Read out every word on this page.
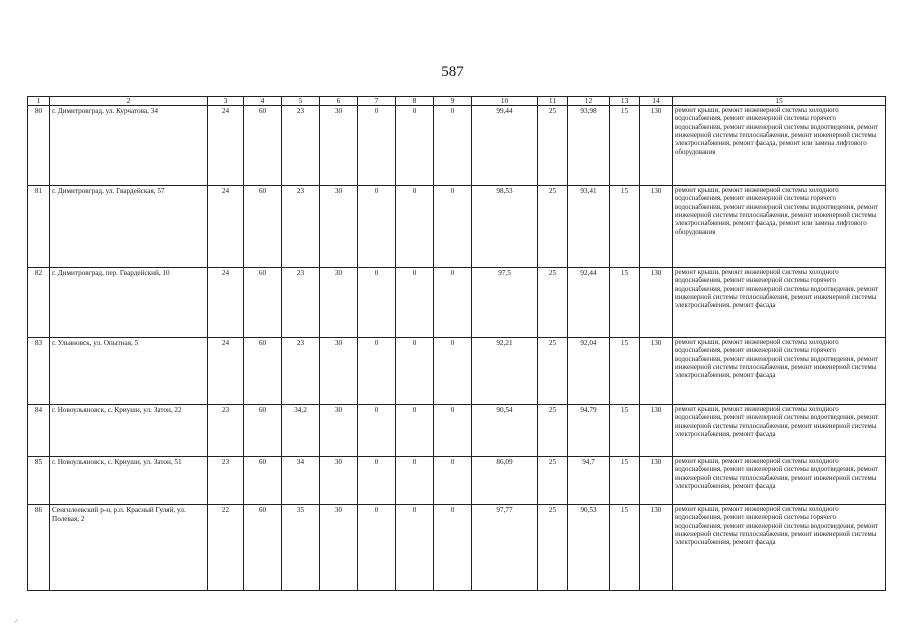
587
1	2	3	4	5	6	7	8	9	10	11	12	13	14	15
80	г. Димитровград, ул. Курчатова, 34	24	60	23	30	0	0	0	99,44	25	93,98	15	130	ремонт крыши, ремонт инженерной системы холодного водоснабжения, ремонт инженерной системы горячего водоснабжения, ремонт инженерной системы водоотведения, ремонт инженерной системы теплоснабжения, ремонт инженерной системы электроснабжения, ремонт фасада, ремонт или замена лифтового оборудования
81	г. Димитровград, ул. Гвардейская, 57	24	60	23	30	0	0	0	98,53	25	93,41	15	130	ремонт крыши, ремонт инженерной системы холодного водоснабжения, ремонт инженерной системы горячего водоснабжения, ремонт инженерной системы водоотведения, ремонт инженерной системы теплоснабжения, ремонт инженерной системы электроснабжения, ремонт фасада, ремонт или замена лифтового оборудования
82	г. Димитровград, пер. Гвардейский, 10	24	60	23	30	0	0	0	97,5	25	92,44	15	130	ремонт крыши, ремонт инженерной системы холодного водоснабжения, ремонт инженерной системы горячего водоснабжения, ремонт инженерной системы водоотведения, ремонт инженерной системы теплоснабжения, ремонт инженерной системы электроснабжения, ремонт фасада
83	г. Ульяновск, ул. Опытная, 5	24	60	23	30	0	0	0	92,21	25	92,04	15	130	ремонт крыши, ремонт инженерной системы холодного водоснабжения, ремонт инженерной системы горячего водоснабжения, ремонт инженерной системы водоотведения, ремонт инженерной системы теплоснабжения, ремонт инженерной системы электроснабжения, ремонт фасада
84	г. Новоульяновск, с. Криуши, ул. Затон, 22	23	60	34,2	30	0	0	0	90,54	25	94,79	15	130	ремонт крыши, ремонт инженерной системы холодного водоснабжения, ремонт инженерной системы водоотведения, ремонт инженерной системы теплоснабжения, ремонт инженерной системы электроснабжения, ремонт фасада
85	г. Новоульяновск, с. Криуши, ул. Затон, 51	23	60	34	30	0	0	0	86,09	25	94,7	15	130	ремонт крыши, ремонт инженерной системы холодного водоснабжения, ремонт инженерной системы водоотведения, ремонт инженерной системы теплоснабжения, ремонт инженерной системы электроснабжения, ремонт фасада
86	Сенгилеевский р-н, р.п. Красный Гуляй, ул. Полевая, 2	22	60	35	30	0	0	0	97,77	25	90,53	15	130	ремонт крыши, ремонт инженерной системы холодного водоснабжения, ремонт инженерной системы горячего водоснабжения, ремонт инженерной системы водоотведения, ремонт инженерной системы теплоснабжения, ремонт инженерной системы электроснабжения, ремонт фасада
⸝
